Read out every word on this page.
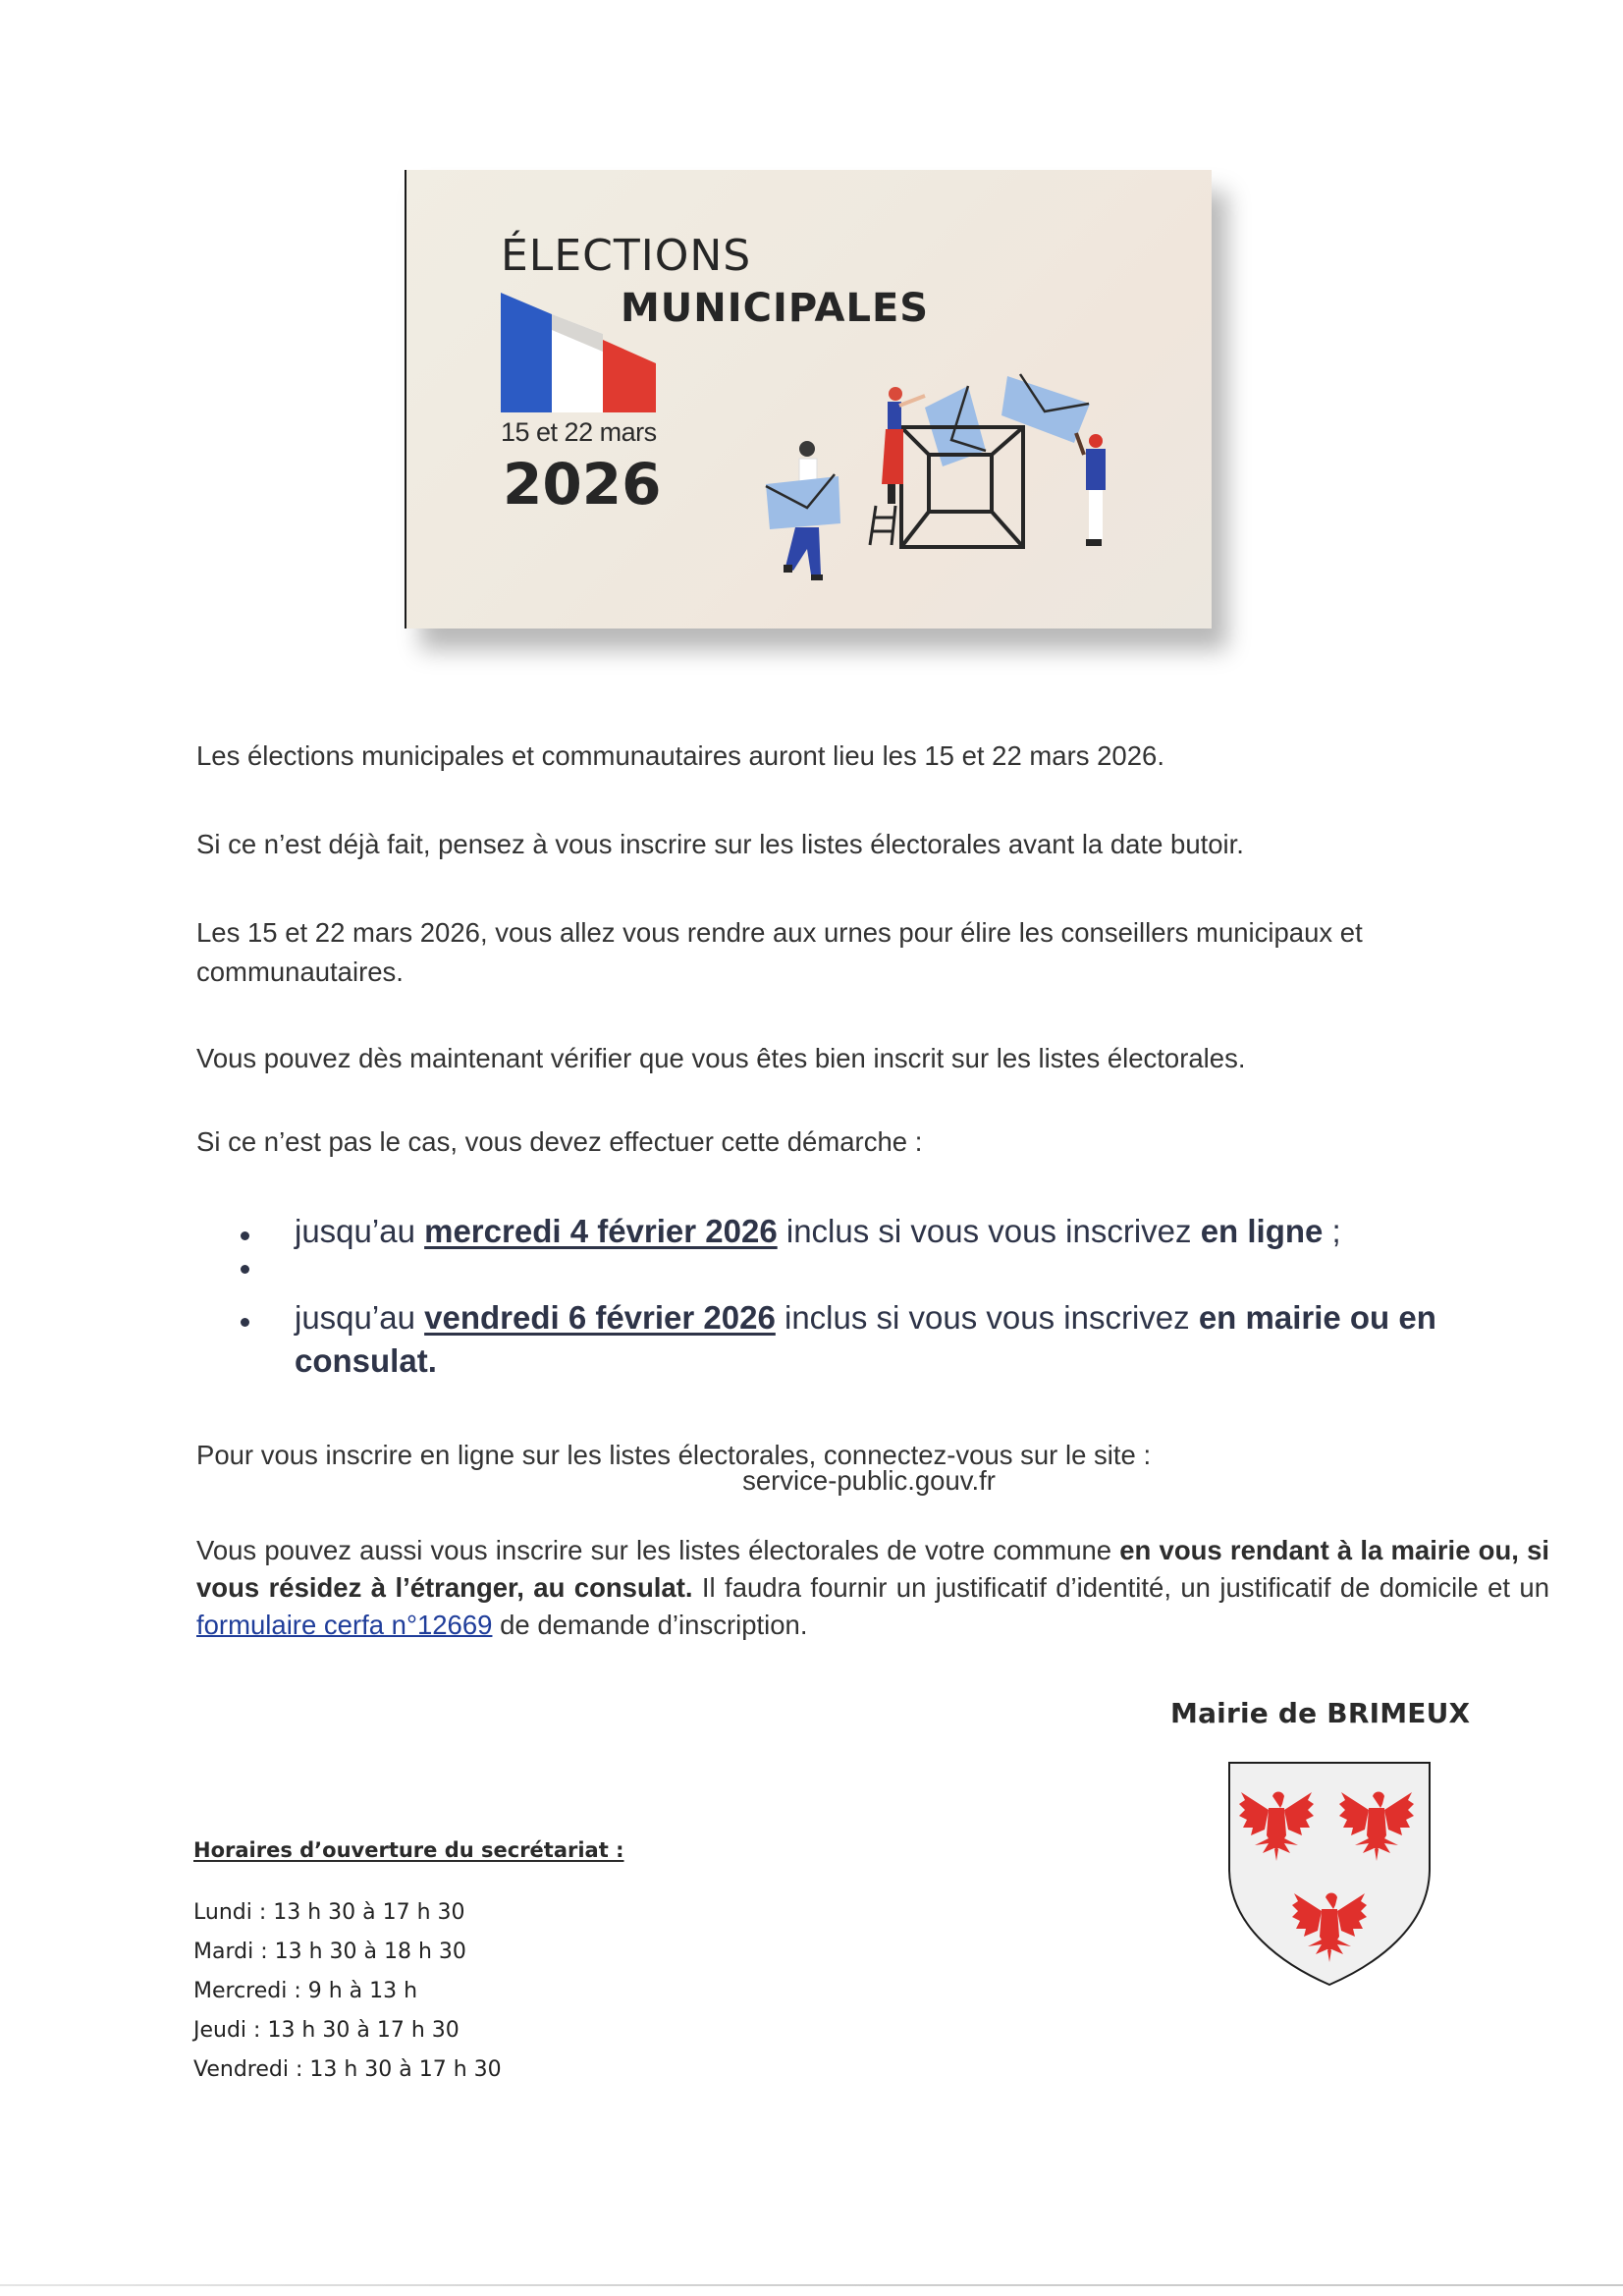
ÉLECTIONS
MUNICIPALES
15 et 22 mars
2026

Les élections municipales et communautaires auront lieu les 15 et 22 mars 2026.

Si ce n’est déjà fait, pensez à vous inscrire sur les listes électorales avant la date butoir.

Les 15 et 22 mars 2026, vous allez vous rendre aux urnes pour élire les conseillers municipaux et communautaires.

Vous pouvez dès maintenant vérifier que vous êtes bien inscrit sur les listes électorales.

Si ce n’est pas le cas, vous devez effectuer cette démarche :

jusqu’au mercredi 4 février 2026 inclus si vous vous inscrivez en ligne ;
jusqu’au vendredi 6 février 2026 inclus si vous vous inscrivez en mairie ou en consulat.

Pour vous inscrire en ligne sur les listes électorales, connectez-vous sur le site :

service-public.gouv.fr

Vous pouvez aussi vous inscrire sur les listes électorales de votre commune en vous rendant à la mairie ou, si vous résidez à l’étranger, au consulat. Il faudra fournir un justificatif d’identité, un justificatif de domicile et un formulaire cerfa n°12669 de demande d’inscription.

Mairie de BRIMEUX
Horaires d’ouverture du secrétariat :
Lundi : 13 h 30 à 17 h 30
Mardi : 13 h 30 à 18 h 30
Mercredi : 9 h à 13 h
Jeudi : 13 h 30 à 17 h 30
Vendredi : 13 h 30 à 17 h 30
